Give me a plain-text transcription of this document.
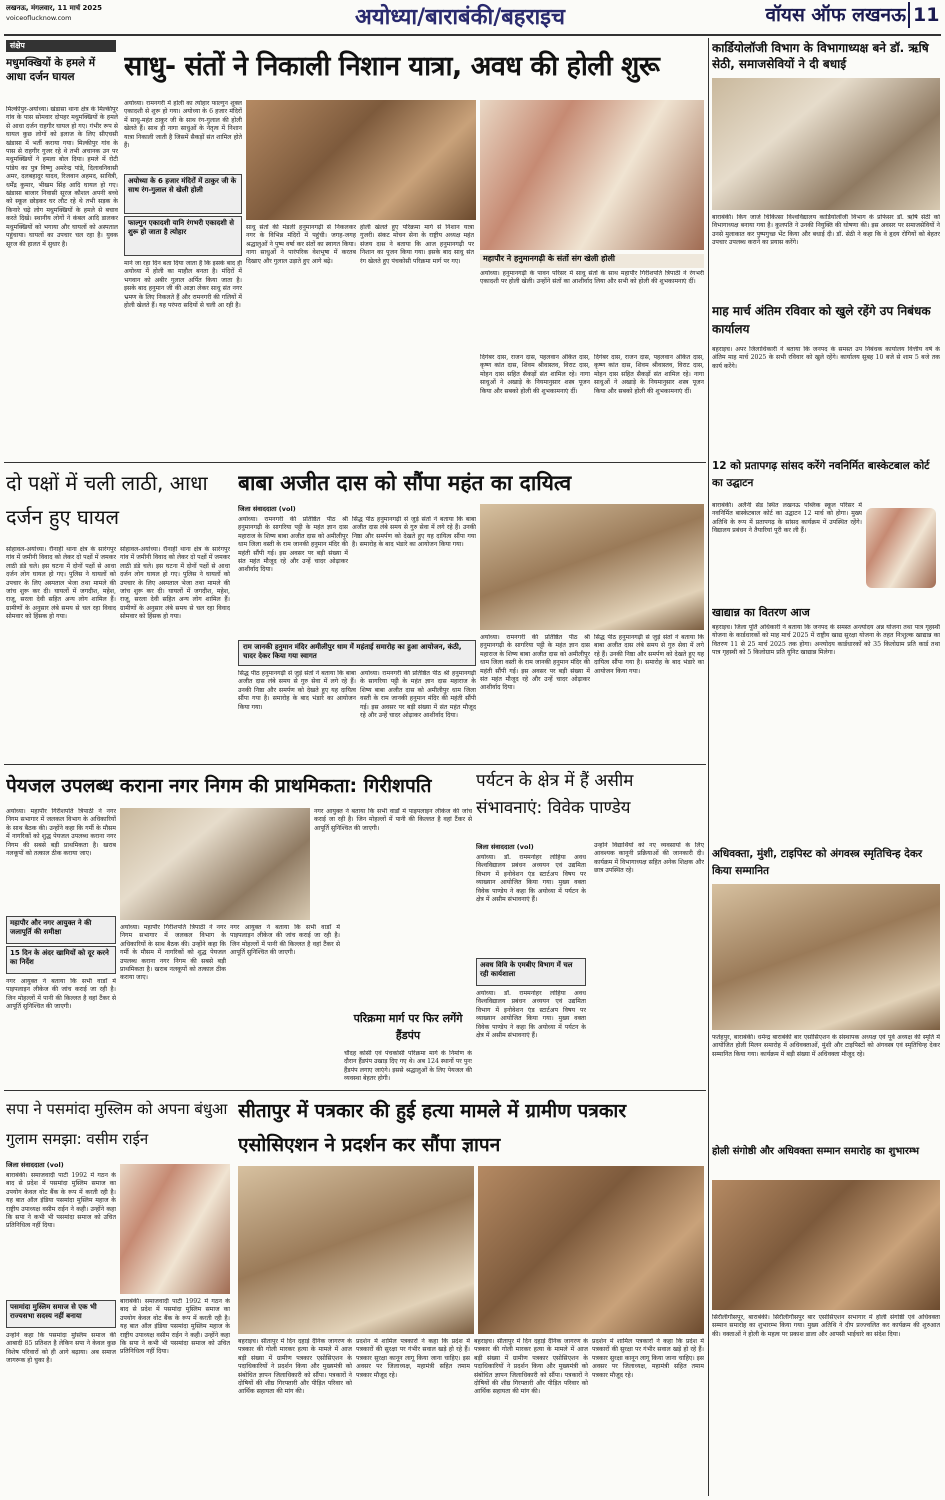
लखनऊ, मंगलवार, 11 मार्च 2025
voiceoflucknow.com	अयोध्या/बाराबंकी/बहराइच	वॉयस ऑफ लखनऊ 11
संक्षेप
मधुमक्खियों के हमले में आधा दर्जन घायल
मिल्कीपुर-अयोध्या। खंडासा थाना क्षेत्र के मिल्कीपुर गांव के पास सोमवार दोपहर मधुमक्खियों के हमले से आधा दर्जन राहगीर घायल हो गए। गंभीर रूप से घायल कुछ लोगों को इलाज के लिए सीएचसी खंडासा में भर्ती कराया गया। मिल्कीपुर गांव के पास से राहगीर गुजर रहे थे तभी अचानक उन पर मधुमक्खियों ने हमला बोल दिया। हमले में रोटी पांडेय का पुत्र विष्णु अमरेन्द्र पांडे, दिलावनिवासी अमर, दलबहादुर यादव, रिजवान अहमद, सावित्री, धर्मेंद्र कुमार, भीखम सिंह आदि घायल हो गए। खंडासा बाजार निवासी सूरज कौशल अपनी बच्चे को स्कूल छोड़कर घर लौट रहे थे तभी सड़क के किनारे चढ़े लोग मधुमक्खियों के हमले से बचाव करते दिखे। स्थानीय लोगों ने कंबल आदि डालकर मधुमक्खियों को भगाया और घायलों को अस्पताल पहुंचाया। घायलों का उपचार चल रहा है। युवक सूरज की हालत में सुधार है।
साधु- संतों ने निकाली निशान यात्रा, अवध की होली शुरू
अयोध्या। रामनगरी में होली का त्योहार फाल्गुन शुक्ल एकादशी से शुरू हो गया। अयोध्या के 6 हजार मंदिरों में साधु-महंत ठाकुर जी के साथ रंग-गुलाल की होली खेलते हैं। साथ ही नागा साधुओं के नेतृत्व में निशान यात्रा निकाली जाती है जिसमें सैकड़ों संत शामिल होते हैं।
अयोध्या के 6 हजार मंदिरों में ठाकुर जी के साथ रंग-गुलाल से खेली होली
फाल्गुन एकादशी यानि रंगभरी एकादशी से शुरू हो जाता है त्योहार
माने जा रहा दिन बता दिया जाता है कि इसके बाद ही अयोध्या में होली का माहौल बनता है। मंदिरों में भगवान को अबीर गुलाल अर्पित किया जाता है। इसके बाद हनुमान जी की आज्ञा लेकर साधु संत नगर भ्रमण के लिए निकलते हैं और रामनगरी की गलियों में होली खेलते हैं। यह परंपरा सदियों से चली आ रही है।
साधु संतों की मंडली हनुमानगढ़ी से निकलकर नगर के विभिन्न मंदिरों में पहुंची। जगह-जगह श्रद्धालुओं ने पुष्प वर्षा कर संतों का स्वागत किया। नागा साधुओं ने पारंपरिक वेशभूषा में करतब दिखाए और गुलाल उड़ाते हुए आगे बढ़े।
होली खेलते हुए परिक्रमा मार्ग से निशान यात्रा गुजरी। संकट मोचन सेना के राष्ट्रीय अध्यक्ष महंत संजय दास ने बताया कि आज हनुमानगढ़ी पर निशान का पूजन किया गया। इसके बाद साधु संत रंग खेलते हुए पंचकोसी परिक्रमा मार्ग पर गए।	महापौर ने हनुमानगढ़ी के संतों संग खेली होली
अयोध्या। हनुमानगढ़ी के पावन परिसर में साधु संतों के साथ महापौर गिरीशपति त्रिपाठी ने रंगभरी एकादशी पर होली खेली। उन्होंने संतों का आशीर्वाद लिया और सभी को होली की शुभकामनाएं दीं।
दिगंबर दास, राजन दास, पहलवान अंकित दास, कृष्ण कांत दास, शिवम श्रीवास्तव, विराट दास, मोहन दास सहित सैकड़ों संत शामिल रहे। नागा साधुओं ने अखाड़े के नियमानुसार शस्त्र पूजन किया और सबको होली की शुभकामनाएं दीं।
दिगंबर दास, राजन दास, पहलवान अंकित दास, कृष्ण कांत दास, शिवम श्रीवास्तव, विराट दास, मोहन दास सहित सैकड़ों संत शामिल रहे। नागा साधुओं ने अखाड़े के नियमानुसार शस्त्र पूजन किया और सबको होली की शुभकामनाएं दीं।
कार्डियोलॉजी विभाग के विभागाध्यक्ष बने डॉ. ऋषि सेठी, समाजसेवियों ने दी बधाई
बाराबंकी। किंग जार्ज चिकित्सा विश्वविद्यालय कार्डियोलॉजी विभाग के प्रोफेसर डॉ. ऋषि सेठी को विभागाध्यक्ष बनाया गया है। कुलपति ने उनकी नियुक्ति की घोषणा की। इस अवसर पर समाजसेवियों ने उनसे मुलाकात कर पुष्पगुच्छ भेंट किया और बधाई दी। डॉ. सेठी ने कहा कि वे हृदय रोगियों को बेहतर उपचार उपलब्ध कराने का प्रयास करेंगे।
माह मार्च अंतिम रविवार को खुले रहेंगे उप निबंधक कार्यालय
बहराइच। अपर जिलाधिकारी ने बताया कि जनपद के समस्त उप निबंधक कार्यालय वित्तीय वर्ष के अंतिम माह मार्च 2025 के सभी रविवार को खुले रहेंगे। कार्यालय सुबह 10 बजे से शाम 5 बजे तक कार्य करेंगे।
12 को प्रतापगढ़ सांसद करेंगे नवनिर्मित बास्केटबाल कोर्ट का उद्घाटन
बाराबंकी। अलैनी सेंड स्थित लखनऊ पब्लिक स्कूल परिसर में नवनिर्मित बास्केटबाल कोर्ट का उद्घाटन 12 मार्च को होगा। मुख्य अतिथि के रूप में प्रतापगढ़ के सांसद कार्यक्रम में उपस्थित रहेंगे। विद्यालय प्रबंधन ने तैयारियां पूरी कर ली हैं।
खाद्यान्न का वितरण आज
बहराइच। जिला पूर्ति अधिकारी ने बताया कि जनपद के समस्त अन्त्योदय अन्न योजना तथा पात्र गृहस्थी योजना के कार्डधारकों को माह मार्च 2025 में राष्ट्रीय खाद्य सुरक्षा योजना के तहत निःशुल्क खाद्यान्न का वितरण 11 से 25 मार्च 2025 तक होगा। अन्त्योदय कार्डधारकों को 35 किलोग्राम प्रति कार्ड तथा पात्र गृहस्थी को 5 किलोग्राम प्रति यूनिट खाद्यान्न मिलेगा।
अधिवक्ता, मुंशी, टाइपिस्ट को अंगवस्त्र स्मृतिचिन्ह देकर किया सम्मानित
फतेहपुर, बाराबंकी। धर्मेन्द्र बाराबंकी बार एसोसिएशन के संस्थापक अध्यक्ष एवं पूर्व अध्यक्ष की स्मृति में आयोजित होली मिलन समारोह में अधिवक्ताओं, मुंशी और टाइपिस्टों को अंगवस्त्र एवं स्मृतिचिन्ह देकर सम्मानित किया गया। कार्यक्रम में बड़ी संख्या में अधिवक्ता मौजूद रहे।
होली संगोष्ठी और अधिवक्ता सम्मान समारोह का शुभारम्भ
सिरौलीगौसपुर, बाराबंकी। सिरौलीगौसपुर बार एसोसिएशन सभागार में होली संगोष्ठी एवं अधिवक्ता सम्मान समारोह का शुभारम्भ किया गया। मुख्य अतिथि ने दीप प्रज्ज्वलित कर कार्यक्रम की शुरुआत की। वक्ताओं ने होली के महत्व पर प्रकाश डाला और आपसी भाईचारे का संदेश दिया।
दो पक्षों में चली लाठी, आधा दर्जन हुए घायल
सोहावल-अयोध्या। रौनाही थाना क्षेत्र के सारंगपुर गांव में जमीनी विवाद को लेकर दो पक्षों में जमकर लाठी डंडे चले। इस घटना में दोनों पक्षों से आधा दर्जन लोग घायल हो गए। पुलिस ने घायलों को उपचार के लिए अस्पताल भेजा तथा मामले की जांच शुरू कर दी। घायलों में जगदीश, महेश, राजू, सरला देवी सहित अन्य लोग शामिल हैं। ग्रामीणों के अनुसार लंबे समय से चल रहा विवाद सोमवार को हिंसक हो गया।
सोहावल-अयोध्या। रौनाही थाना क्षेत्र के सारंगपुर गांव में जमीनी विवाद को लेकर दो पक्षों में जमकर लाठी डंडे चले। इस घटना में दोनों पक्षों से आधा दर्जन लोग घायल हो गए। पुलिस ने घायलों को उपचार के लिए अस्पताल भेजा तथा मामले की जांच शुरू कर दी। घायलों में जगदीश, महेश, राजू, सरला देवी सहित अन्य लोग शामिल हैं। ग्रामीणों के अनुसार लंबे समय से चल रहा विवाद सोमवार को हिंसक हो गया।
बाबा अजीत दास को सौंपा महंत का दायित्व
जिला संवाददाता (vol)
अयोध्या। रामनगरी की प्रतिष्ठित पीठ श्री हनुमानगढ़ी के सागरिया पट्टी के महंत ज्ञान दास महाराज के शिष्य बाबा अजीत दास को अमीलीपुर धाम जिला वस्ती के राम जानकी हनुमान मंदिर की महंती सौंपी गई। इस अवसर पर बड़ी संख्या में संत महंत मौजूद रहे और उन्हें चादर ओढ़ाकर आशीर्वाद दिया।
सिद्ध पीठ हनुमानगढ़ी से जुड़े संतों ने बताया कि बाबा अजीत दास लंबे समय से गुरु सेवा में लगे रहे हैं। उनकी निष्ठा और समर्पण को देखते हुए यह दायित्व सौंपा गया है। समारोह के बाद भंडारे का आयोजन किया गया।
राम जानकी हनुमान मंदिर अमीलीपुर धाम में महंताई समारोह का हुआ आयोजन, कंठी, चादर देकर किया गया स्वागत
सिद्ध पीठ हनुमानगढ़ी से जुड़े संतों ने बताया कि बाबा अजीत दास लंबे समय से गुरु सेवा में लगे रहे हैं। उनकी निष्ठा और समर्पण को देखते हुए यह दायित्व सौंपा गया है। समारोह के बाद भंडारे का आयोजन किया गया।
अयोध्या। रामनगरी की प्रतिष्ठित पीठ श्री हनुमानगढ़ी के सागरिया पट्टी के महंत ज्ञान दास महाराज के शिष्य बाबा अजीत दास को अमीलीपुर धाम जिला वस्ती के राम जानकी हनुमान मंदिर की महंती सौंपी गई। इस अवसर पर बड़ी संख्या में संत महंत मौजूद रहे और उन्हें चादर ओढ़ाकर आशीर्वाद दिया।
अयोध्या। रामनगरी की प्रतिष्ठित पीठ श्री हनुमानगढ़ी के सागरिया पट्टी के महंत ज्ञान दास महाराज के शिष्य बाबा अजीत दास को अमीलीपुर धाम जिला वस्ती के राम जानकी हनुमान मंदिर की महंती सौंपी गई। इस अवसर पर बड़ी संख्या में संत महंत मौजूद रहे और उन्हें चादर ओढ़ाकर आशीर्वाद दिया।
सिद्ध पीठ हनुमानगढ़ी से जुड़े संतों ने बताया कि बाबा अजीत दास लंबे समय से गुरु सेवा में लगे रहे हैं। उनकी निष्ठा और समर्पण को देखते हुए यह दायित्व सौंपा गया है। समारोह के बाद भंडारे का आयोजन किया गया।
पेयजल उपलब्ध कराना नगर निगम की प्राथमिकता: गिरीशपति
अयोध्या। महापौर गिरीशपति त्रिपाठी ने नगर निगम सभागार में जलकल विभाग के अधिकारियों के साथ बैठक की। उन्होंने कहा कि गर्मी के मौसम में नागरिकों को शुद्ध पेयजल उपलब्ध कराना नगर निगम की सबसे बड़ी प्राथमिकता है। खराब नलकूपों को तत्काल ठीक कराया जाए।
नगर आयुक्त ने बताया कि सभी वार्डों में पाइपलाइन लीकेज की जांच कराई जा रही है। जिन मोहल्लों में पानी की किल्लत है वहां टैंकर से आपूर्ति सुनिश्चित की जाएगी।
महापौर और नगर आयुक्त ने की जलापूर्ति की समीक्षा
15 दिन के अंदर खामियों को दूर करने का निर्देश
नगर आयुक्त ने बताया कि सभी वार्डों में पाइपलाइन लीकेज की जांच कराई जा रही है। जिन मोहल्लों में पानी की किल्लत है वहां टैंकर से आपूर्ति सुनिश्चित की जाएगी।
अयोध्या। महापौर गिरीशपति त्रिपाठी ने नगर निगम सभागार में जलकल विभाग के अधिकारियों के साथ बैठक की। उन्होंने कहा कि गर्मी के मौसम में नागरिकों को शुद्ध पेयजल उपलब्ध कराना नगर निगम की सबसे बड़ी प्राथमिकता है। खराब नलकूपों को तत्काल ठीक कराया जाए।
नगर आयुक्त ने बताया कि सभी वार्डों में पाइपलाइन लीकेज की जांच कराई जा रही है। जिन मोहल्लों में पानी की किल्लत है वहां टैंकर से आपूर्ति सुनिश्चित की जाएगी।
पर्यटन के क्षेत्र में हैं असीम संभावनाएं: विवेक पाण्डेय
जिला संवाददाता (vol)
अयोध्या। डॉ. राममनोहर लोहिया अवध विश्वविद्यालय प्रबंधन अध्ययन एवं उद्यमिता विभाग में इनोवेशन एंड स्टार्टअप विषय पर व्याख्यान आयोजित किया गया। मुख्य वक्ता विवेक पाण्डेय ने कहा कि अयोध्या में पर्यटन के क्षेत्र में असीम संभावनाएं हैं।
उन्होंने विद्यार्थियों को नए व्यवसायों के लिए आवश्यक कानूनी प्रक्रियाओं की जानकारी दी। कार्यक्रम में विभागाध्यक्ष सहित अनेक शिक्षक और छात्र उपस्थित रहे।
अवध विवि के एमबीए विभाग में चल रही कार्यशाला
अयोध्या। डॉ. राममनोहर लोहिया अवध विश्वविद्यालय प्रबंधन अध्ययन एवं उद्यमिता विभाग में इनोवेशन एंड स्टार्टअप विषय पर व्याख्यान आयोजित किया गया। मुख्य वक्ता विवेक पाण्डेय ने कहा कि अयोध्या में पर्यटन के क्षेत्र में असीम संभावनाएं हैं।
परिक्रमा मार्ग पर फिर लगेंगे हैंडपंप
चौदह कोसी एवं पंचकोसी परिक्रमा मार्ग के निर्माण के दौरान हैंडपंप उखाड़ दिए गए थे। अब 124 स्थानों पर पुनः हैंडपंप लगाए जाएंगे। इससे श्रद्धालुओं के लिए पेयजल की व्यवस्था बेहतर होगी।
सपा ने पसमांदा मुस्लिम को अपना बंधुआ गुलाम समझा: वसीम राईन
जिला संवाददाता (vol)
बाराबंकी। समाजवादी पार्टी 1992 में गठन के बाद से प्रदेश में पसमांदा मुस्लिम समाज का उपयोग केवल वोट बैंक के रूप में करती रही है। यह बात ऑल इंडिया पसमांदा मुस्लिम महाज के राष्ट्रीय उपाध्यक्ष वसीम राईन ने कही। उन्होंने कहा कि सपा ने कभी भी पसमांदा समाज को उचित प्रतिनिधित्व नहीं दिया।
पसमांदा मुस्लिम समाज से एक भी राज्यसभा सदस्य नहीं बनाया
उन्होंने कहा कि पसमांदा मुस्लिम समाज की आबादी 85 प्रतिशत है लेकिन सपा ने केवल कुछ विशेष परिवारों को ही आगे बढ़ाया। अब समाज जागरूक हो चुका है।
बाराबंकी। समाजवादी पार्टी 1992 में गठन के बाद से प्रदेश में पसमांदा मुस्लिम समाज का उपयोग केवल वोट बैंक के रूप में करती रही है। यह बात ऑल इंडिया पसमांदा मुस्लिम महाज के राष्ट्रीय उपाध्यक्ष वसीम राईन ने कही। उन्होंने कहा कि सपा ने कभी भी पसमांदा समाज को उचित प्रतिनिधित्व नहीं दिया।
सीतापुर में पत्रकार की हुई हत्या मामले में ग्रामीण पत्रकार एसोसिएशन ने प्रदर्शन कर सौंपा ज्ञापन
बहराइच। सीतापुर में दिन दहाड़े दैनिक जागरण के पत्रकार की गोली मारकर हत्या के मामले में आज बड़ी संख्या में ग्रामीण पत्रकार एसोसिएशन के पदाधिकारियों ने प्रदर्शन किया और मुख्यमंत्री को संबोधित ज्ञापन जिलाधिकारी को सौंपा। पत्रकारों ने दोषियों की शीघ्र गिरफ्तारी और पीड़ित परिवार को आर्थिक सहायता की मांग की।
प्रदर्शन में शामिल पत्रकारों ने कहा कि प्रदेश में पत्रकारों की सुरक्षा पर गंभीर सवाल खड़े हो रहे हैं। पत्रकार सुरक्षा कानून लागू किया जाना चाहिए। इस अवसर पर जिलाध्यक्ष, महामंत्री सहित तमाम पत्रकार मौजूद रहे।
बहराइच। सीतापुर में दिन दहाड़े दैनिक जागरण के पत्रकार की गोली मारकर हत्या के मामले में आज बड़ी संख्या में ग्रामीण पत्रकार एसोसिएशन के पदाधिकारियों ने प्रदर्शन किया और मुख्यमंत्री को संबोधित ज्ञापन जिलाधिकारी को सौंपा। पत्रकारों ने दोषियों की शीघ्र गिरफ्तारी और पीड़ित परिवार को आर्थिक सहायता की मांग की।
प्रदर्शन में शामिल पत्रकारों ने कहा कि प्रदेश में पत्रकारों की सुरक्षा पर गंभीर सवाल खड़े हो रहे हैं। पत्रकार सुरक्षा कानून लागू किया जाना चाहिए। इस अवसर पर जिलाध्यक्ष, महामंत्री सहित तमाम पत्रकार मौजूद रहे।
